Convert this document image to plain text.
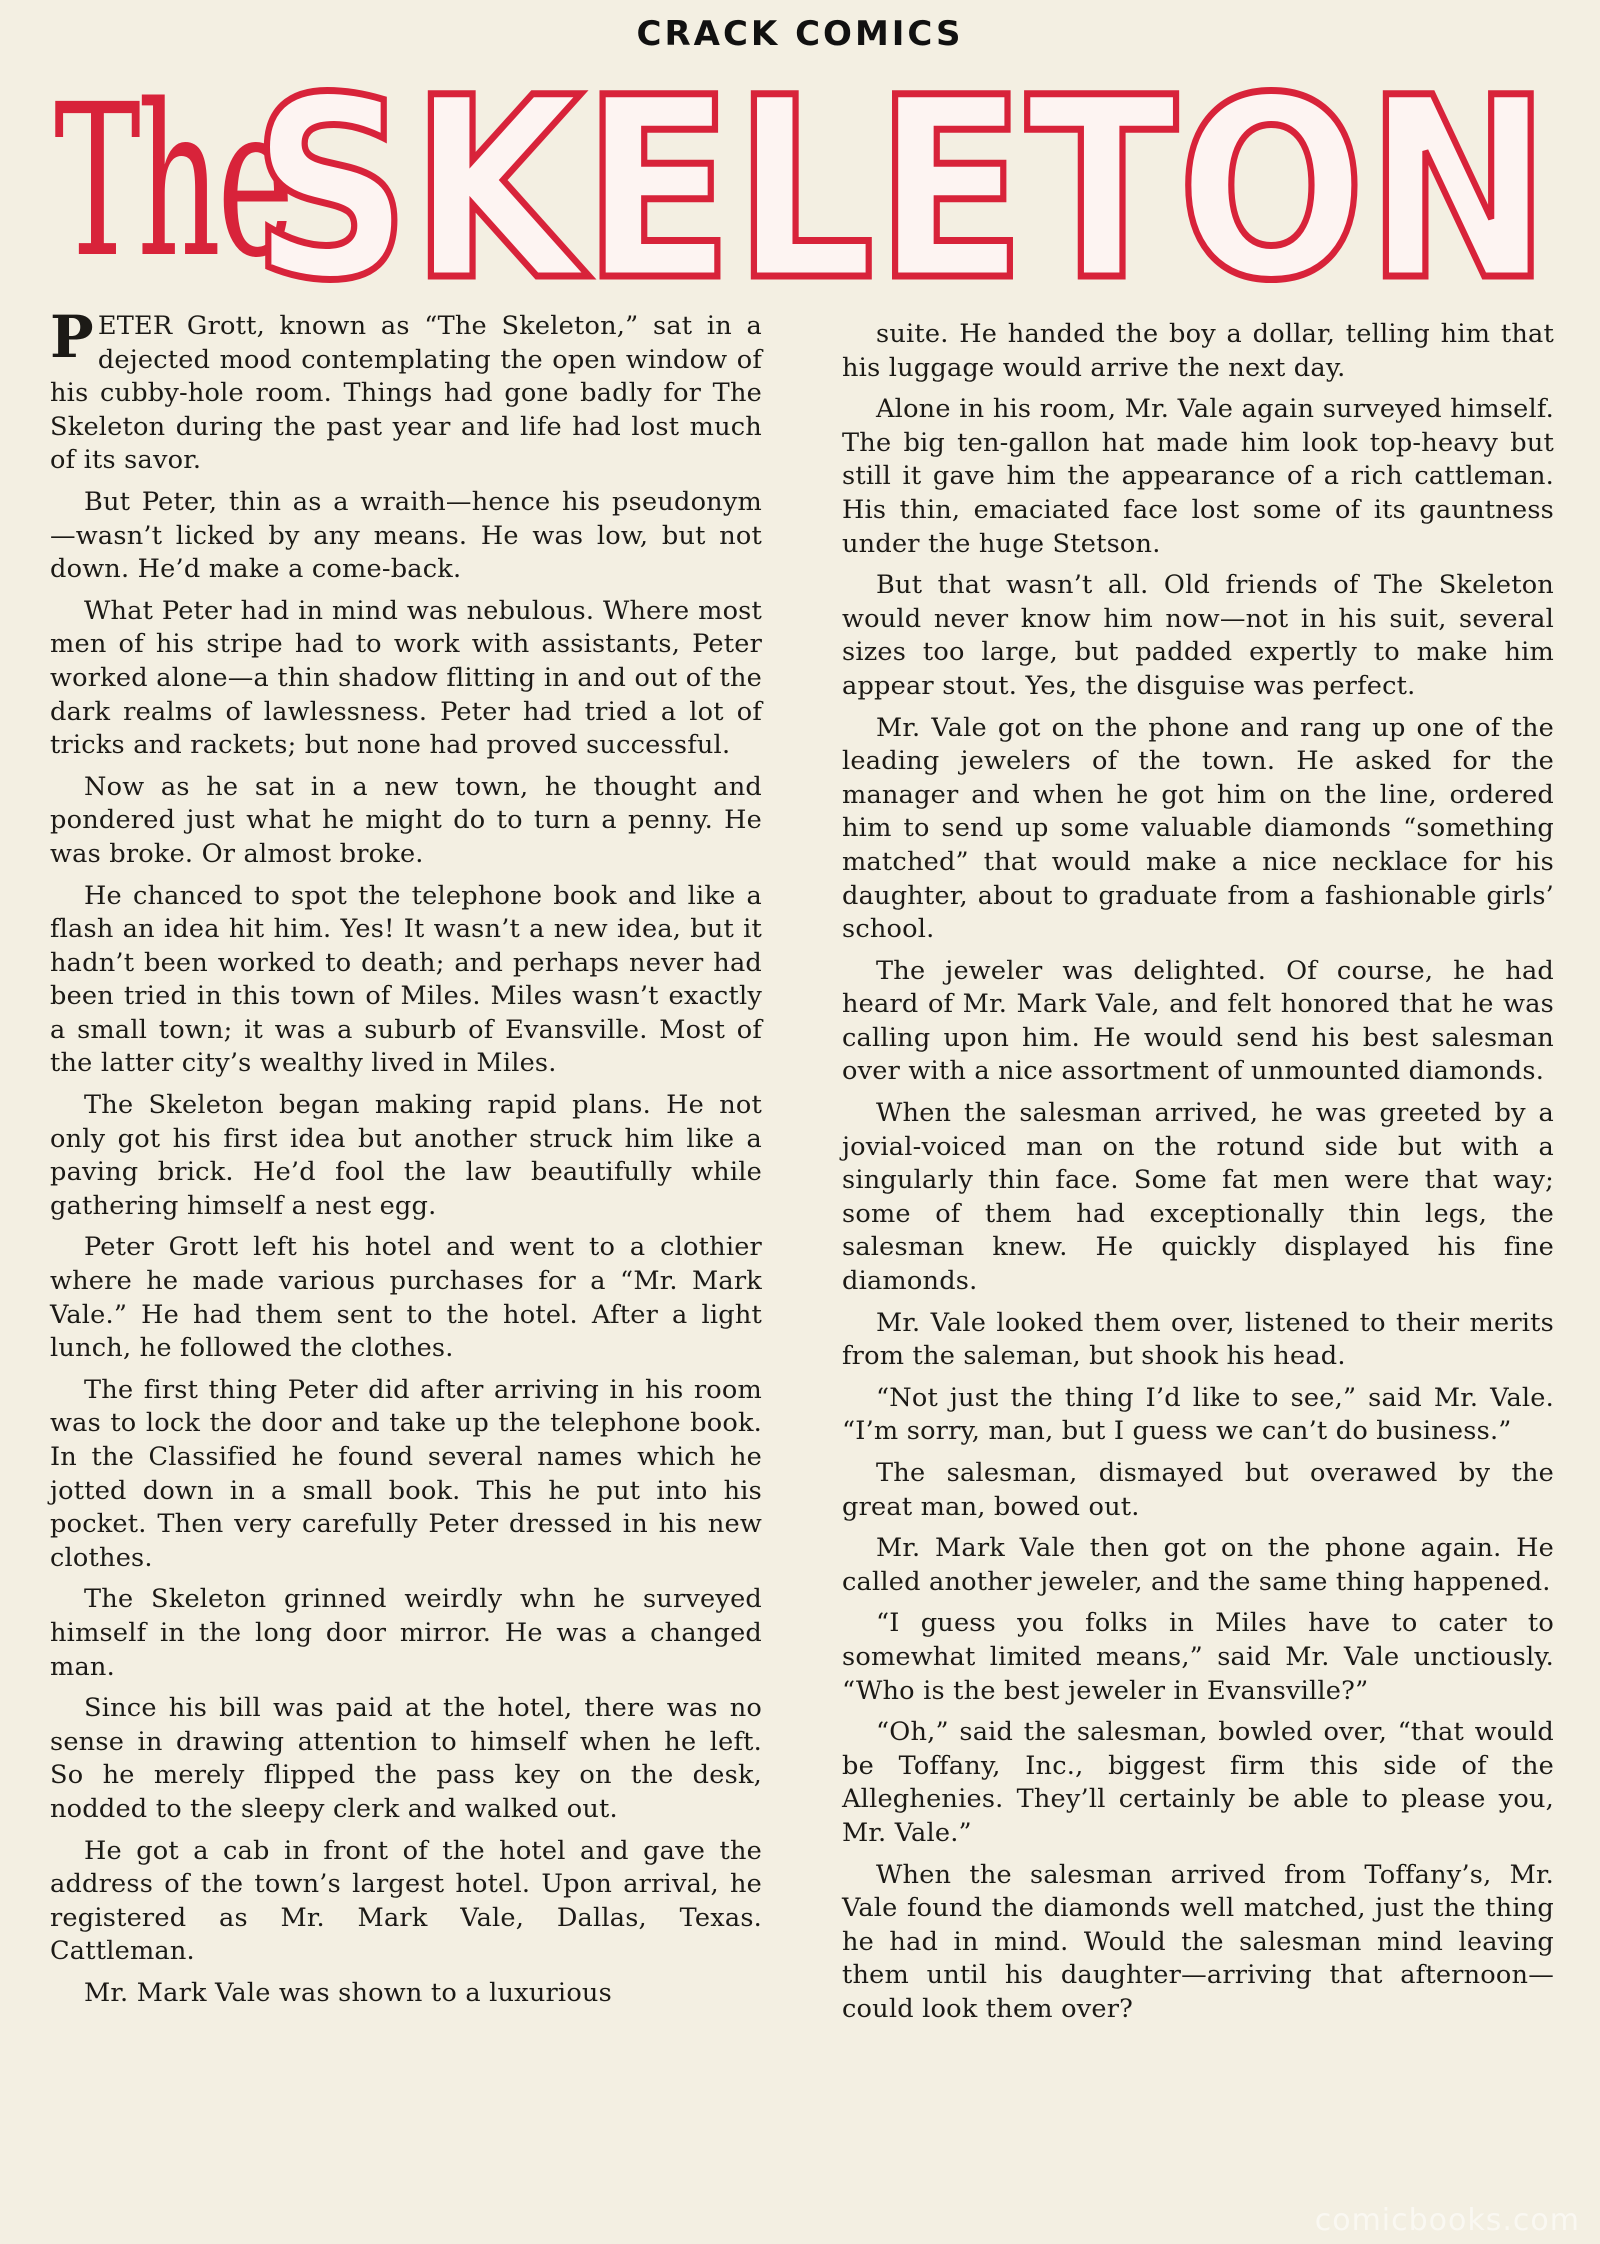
CRACK COMICS
The
SKELETON

PETER Grott, known as “The Skeleton,” sat in a dejected mood contemplating the open window of his cubby-hole room. Things had gone badly for The Skeleton during the past year and life had lost much of its savor.

But Peter, thin as a wraith—hence his pseudonym—wasn’t licked by any means. He was low, but not down. He’d make a come-back.

What Peter had in mind was nebulous. Where most men of his stripe had to work with assistants, Peter worked alone—a thin shadow flitting in and out of the dark realms of lawlessness. Peter had tried a lot of tricks and rackets; but none had proved successful.

Now as he sat in a new town, he thought and pondered just what he might do to turn a penny. He was broke. Or almost broke.

He chanced to spot the telephone book and like a flash an idea hit him. Yes! It wasn’t a new idea, but it hadn’t been worked to death; and perhaps never had been tried in this town of Miles. Miles wasn’t exactly a small town; it was a suburb of Evansville. Most of the latter city’s wealthy lived in Miles.

The Skeleton began making rapid plans. He not only got his first idea but another struck him like a paving brick. He’d fool the law beautifully while gathering himself a nest egg.

Peter Grott left his hotel and went to a clothier where he made various purchases for a “Mr. Mark Vale.” He had them sent to the hotel. After a light lunch, he followed the clothes.

The first thing Peter did after arriving in his room was to lock the door and take up the telephone book. In the Classified he found several names which he jotted down in a small book. This he put into his pocket. Then very carefully Peter dressed in his new clothes.

The Skeleton grinned weirdly whn he surveyed himself in the long door mirror. He was a changed man.

Since his bill was paid at the hotel, there was no sense in drawing attention to himself when he left. So he merely flipped the pass key on the desk, nodded to the sleepy clerk and walked out.

He got a cab in front of the hotel and gave the address of the town’s largest hotel. Upon arrival, he registered as Mr. Mark Vale, Dallas, Texas. Cattleman.

Mr. Mark Vale was shown to a luxurious

suite. He handed the boy a dollar, telling him that his luggage would arrive the next day.

Alone in his room, Mr. Vale again surveyed himself. The big ten-gallon hat made him look top-heavy but still it gave him the appearance of a rich cattleman. His thin, emaciated face lost some of its gauntness under the huge Stetson.

But that wasn’t all. Old friends of The Skeleton would never know him now—not in his suit, several sizes too large, but padded expertly to make him appear stout. Yes, the disguise was perfect.

Mr. Vale got on the phone and rang up one of the leading jewelers of the town. He asked for the manager and when he got him on the line, ordered him to send up some valuable diamonds “something matched” that would make a nice necklace for his daughter, about to graduate from a fashionable girls’ school.

The jeweler was delighted. Of course, he had heard of Mr. Mark Vale, and felt honored that he was calling upon him. He would send his best salesman over with a nice assortment of unmounted diamonds.

When the salesman arrived, he was greeted by a jovial-voiced man on the rotund side but with a singularly thin face. Some fat men were that way; some of them had exceptionally thin legs, the salesman knew. He quickly displayed his fine diamonds.

Mr. Vale looked them over, listened to their merits from the saleman, but shook his head.

“Not just the thing I’d like to see,” said Mr. Vale. “I’m sorry, man, but I guess we can’t do business.”

The salesman, dismayed but overawed by the great man, bowed out.

Mr. Mark Vale then got on the phone again. He called another jeweler, and the same thing happened.

“I guess you folks in Miles have to cater to somewhat limited means,” said Mr. Vale unctiously. “Who is the best jeweler in Evansville?”

“Oh,” said the salesman, bowled over, “that would be Toffany, Inc., biggest firm this side of the Alleghenies. They’ll certainly be able to please you, Mr. Vale.”

When the salesman arrived from Toffany’s, Mr. Vale found the diamonds well matched, just the thing he had in mind. Would the salesman mind leaving them until his daughter—arriving that afternoon—could look them over?

comicbooks.com
